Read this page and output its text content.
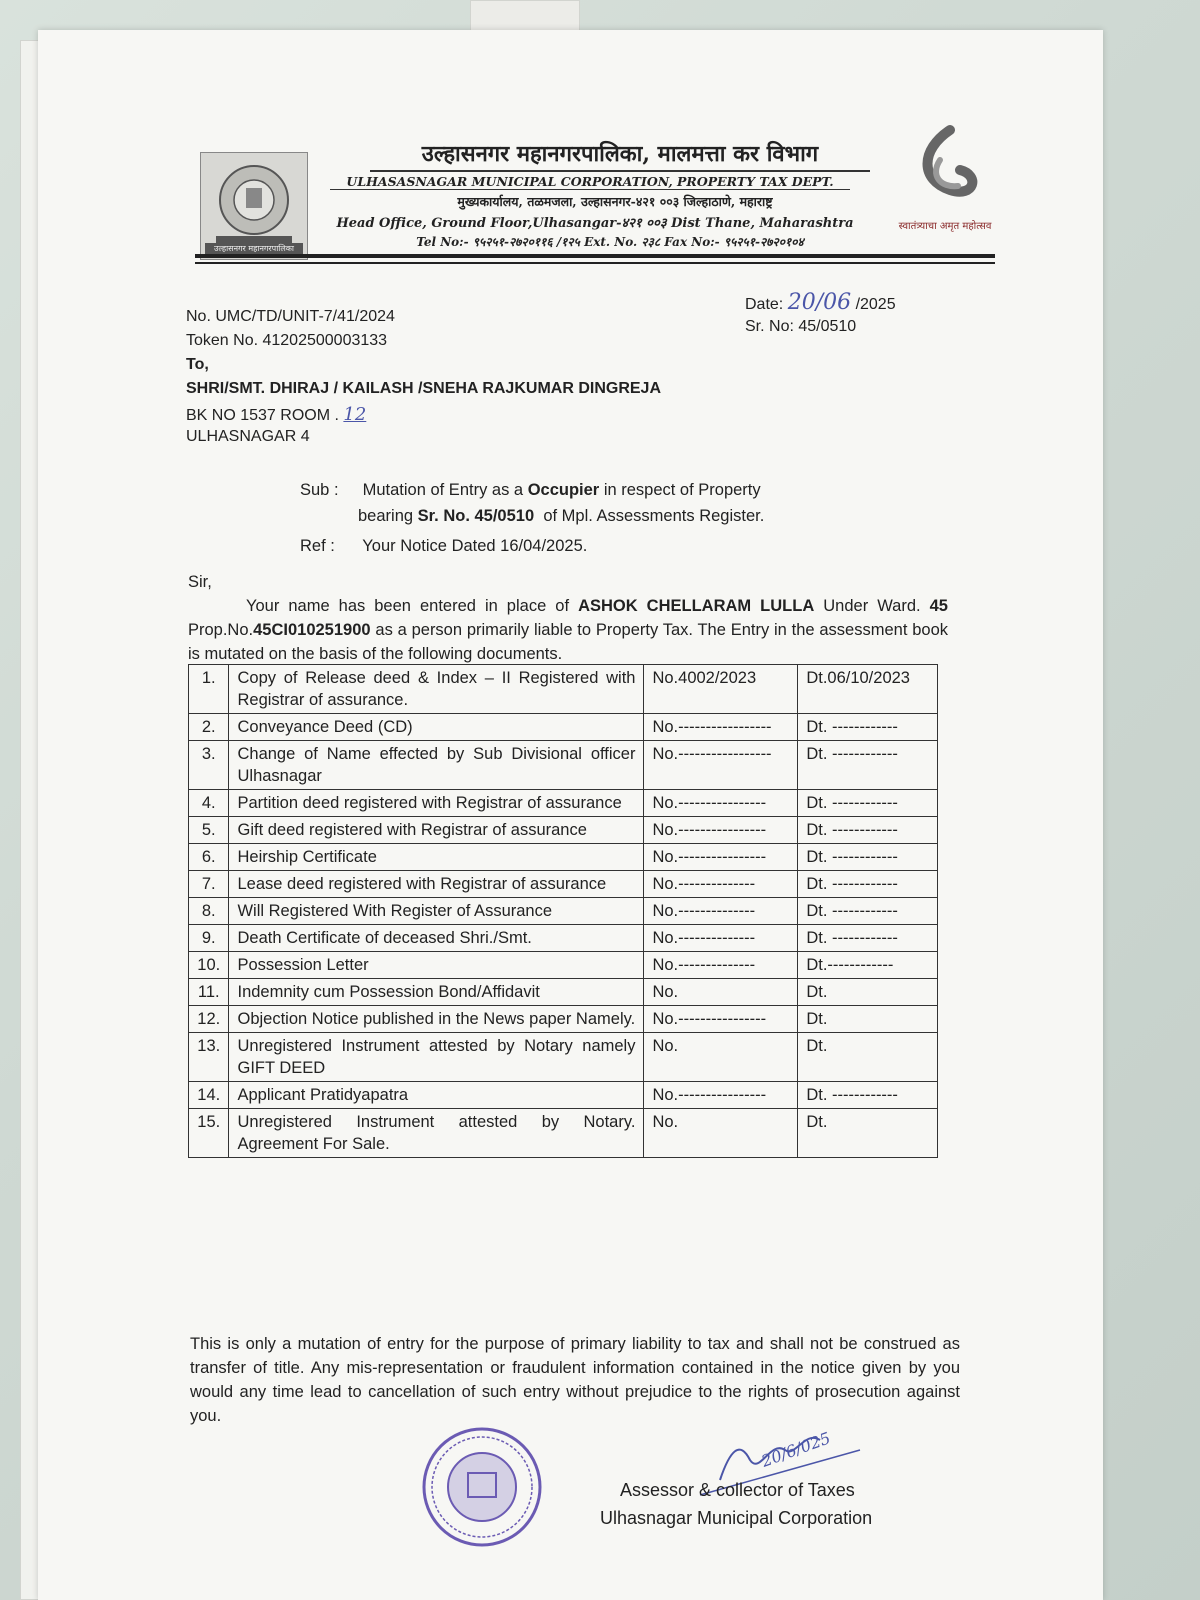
उल्हासनगर महानगरपालिका
उल्हासनगर महानगरपालिका, मालमत्ता कर विभाग
ULHASASNAGAR MUNICIPAL CORPORATION, PROPERTY TAX DEPT.
मुख्यकार्यालय, तळमजला, उल्हासनगर-४२१ ००३ जिल्हाठाणे, महाराष्ट्र
Head Office, Ground Floor,Ulhasangar-४२१ ००३ Dist Thane, Maharashtra
Tel No:- ९५२५१-२७२०११६ /१२५ Ext. No. २३८ Fax No:- ९५२५१-२७२०१०४
स्वातंत्र्याचा अमृत महोत्सव
No. UMC/TD/UNIT-7/41/2024
Token No. 41202500003133
Date: 20/06 /2025
Sr. No: 45/0510
To,
SHRI/SMT. DHIRAJ / KAILASH /SNEHA RAJKUMAR DINGREJA
BK NO 1537 ROOM . 12
ULHASNAGAR 4
Sub : Mutation of Entry as a Occupier in respect of Property
bearing Sr. No. 45/0510 of Mpl. Assessments Register.
Ref : Your Notice Dated 16/04/2025.
Sir,
Your name has been entered in place of ASHOK CHELLARAM LULLA Under Ward. 45 Prop.No.45CI010251900 as a person primarily liable to Property Tax. The Entry in the assessment book is mutated on the basis of the following documents.
1.	Copy of Release deed & Index – II Registered with Registrar of assurance.	No.4002/2023	Dt.06/10/2023
2.	Conveyance Deed (CD)	No.-----------------	Dt. ------------
3.	Change of Name effected by Sub Divisional officer Ulhasnagar	No.-----------------	Dt. ------------
4.	Partition deed registered with Registrar of assurance	No.----------------	Dt. ------------
5.	Gift deed registered with Registrar of assurance	No.----------------	Dt. ------------
6.	Heirship Certificate	No.----------------	Dt. ------------
7.	Lease deed registered with Registrar of assurance	No.--------------	Dt. ------------
8.	Will Registered With Register of Assurance	No.--------------	Dt. ------------
9.	Death Certificate of deceased Shri./Smt.	No.--------------	Dt. ------------
10.	Possession Letter	No.--------------	Dt.------------
11.	Indemnity cum Possession Bond/Affidavit	No.	Dt.
12.	Objection Notice published in the News paper Namely.	No.----------------	Dt.
13.	Unregistered Instrument attested by Notary namely GIFT DEED	No.	Dt.
14.	Applicant Pratidyapatra	No.----------------	Dt. ------------
15.	Unregistered Instrument attested by Notary. Agreement For Sale.	No.	Dt.
This is only a mutation of entry for the purpose of primary liability to tax and shall not be construed as transfer of title. Any mis-representation or fraudulent information contained in the notice given by you would any time lead to cancellation of such entry without prejudice to the rights of prosecution against you.
20/6/025
Assessor & collector of Taxes
Ulhasnagar Municipal Corporation
